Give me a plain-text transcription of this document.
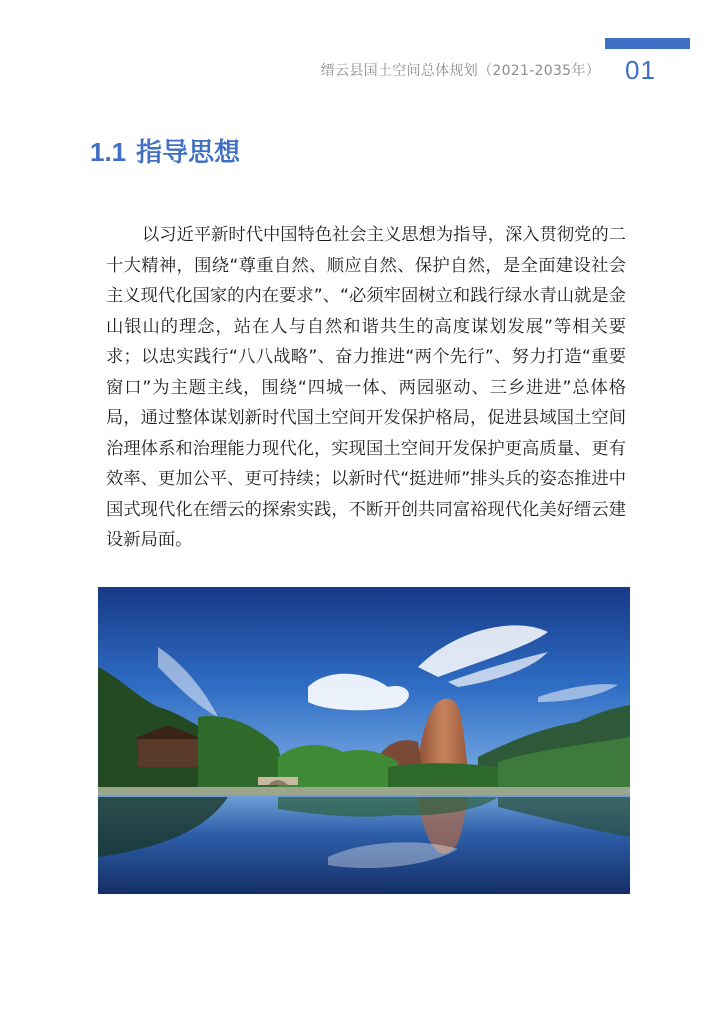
缙云县国土空间总体规划（2021-2035年） 01
1.1 指导思想

以习近平新时代中国特色社会主义思想为指导，深入贯彻党的二十大精神，围绕“尊重自然、顺应自然、保护自然，是全面建设社会主义现代化国家的内在要求”、“必须牢固树立和践行绿水青山就是金山银山的理念，站在人与自然和谐共生的高度谋划发展”等相关要求；以忠实践行“八八战略”、奋力推进“两个先行”、努力打造“重要窗口”为主题主线，围绕“四城一体、两园驱动、三乡进进”总体格局，通过整体谋划新时代国土空间开发保护格局，促进县域国土空间治理体系和治理能力现代化，实现国土空间开发保护更高质量、更有效率、更加公平、更可持续；以新时代“挺进师”排头兵的姿态推进中国式现代化在缙云的探索实践，不断开创共同富裕现代化美好缙云建设新局面。
